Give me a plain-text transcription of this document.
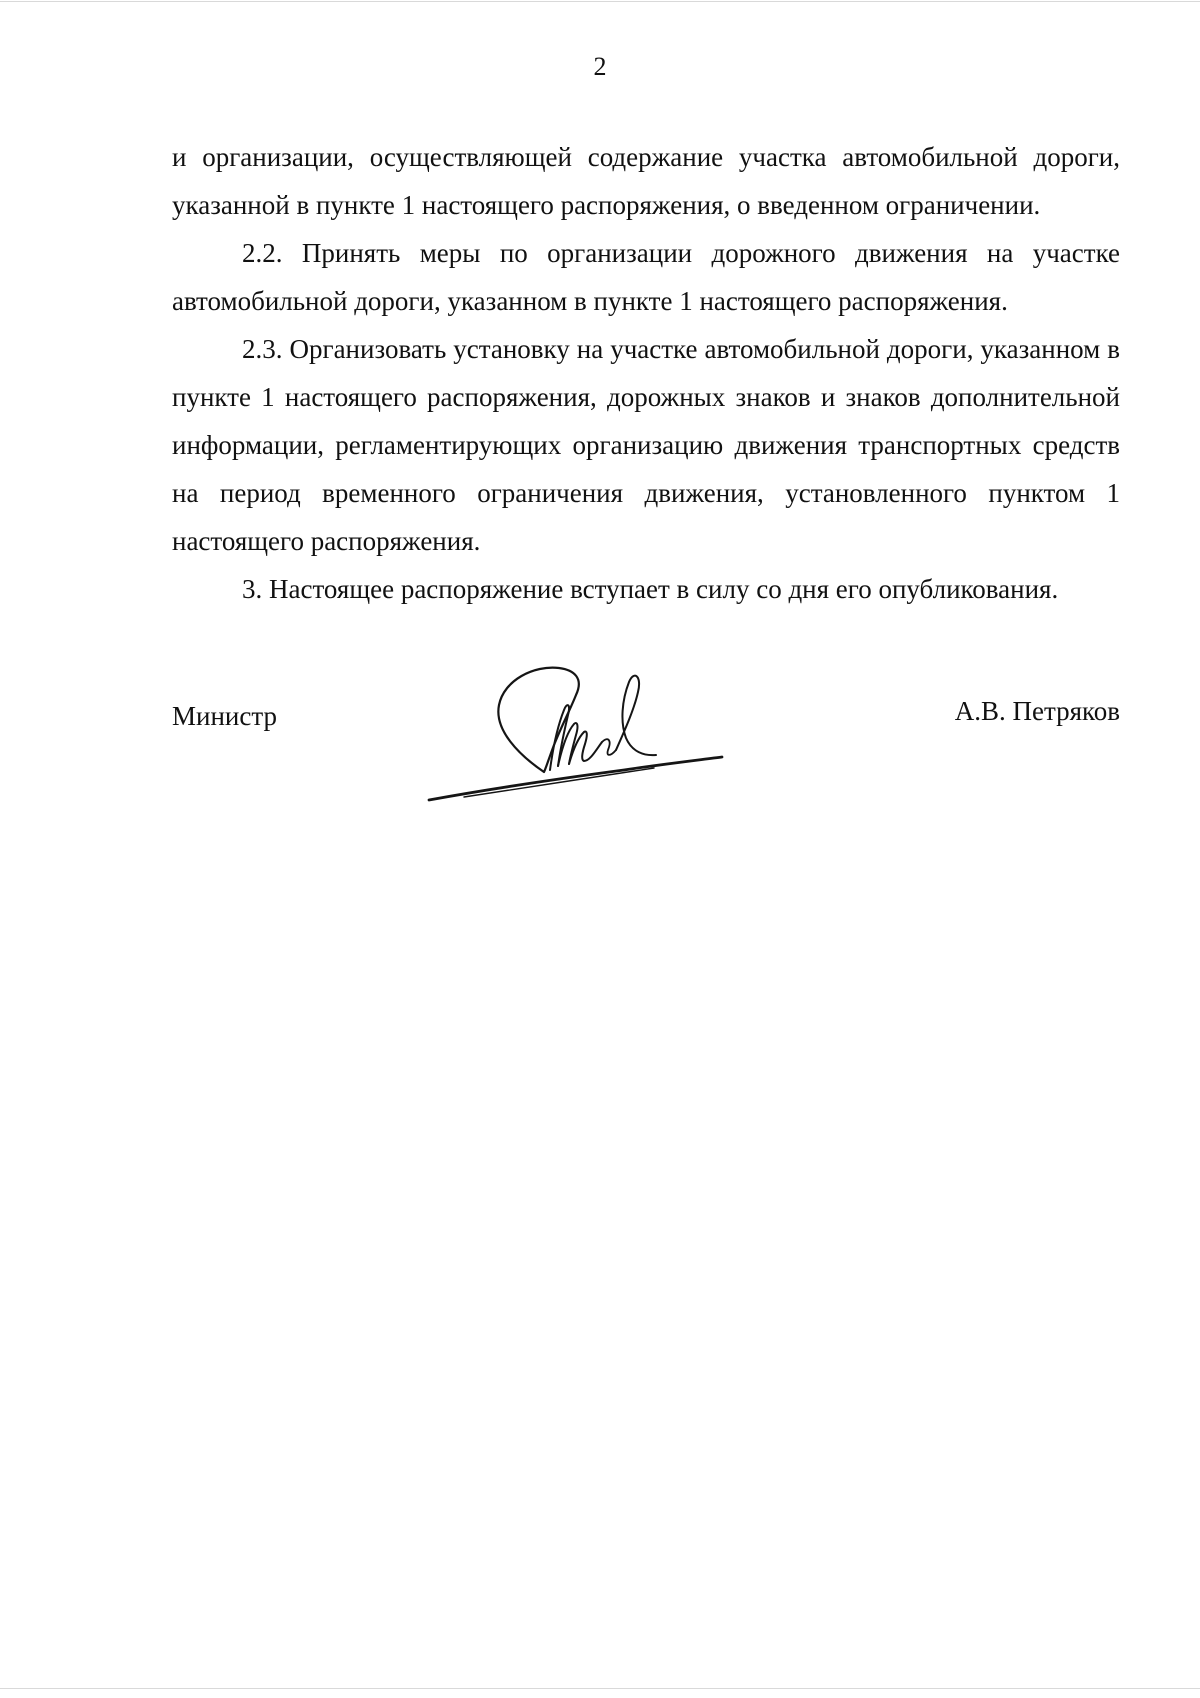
2

и организации, осуществляющей содержание участка автомобильной дороги, указанной в пункте 1 настоящего распоряжения, о введенном ограничении.

2.2. Принять меры по организации дорожного движения на участке автомобильной дороги, указанном в пункте 1 настоящего распоряжения.

2.3. Организовать установку на участке автомобильной дороги, указанном в пункте 1 настоящего распоряжения, дорожных знаков и знаков дополнительной информации, регламентирующих организацию движения транспортных средств на период временного ограничения движения, установленного пунктом 1 настоящего распоряжения.

3. Настоящее распоряжение вступает в силу со дня его опубликования.

Министр	А.В. Петряков
